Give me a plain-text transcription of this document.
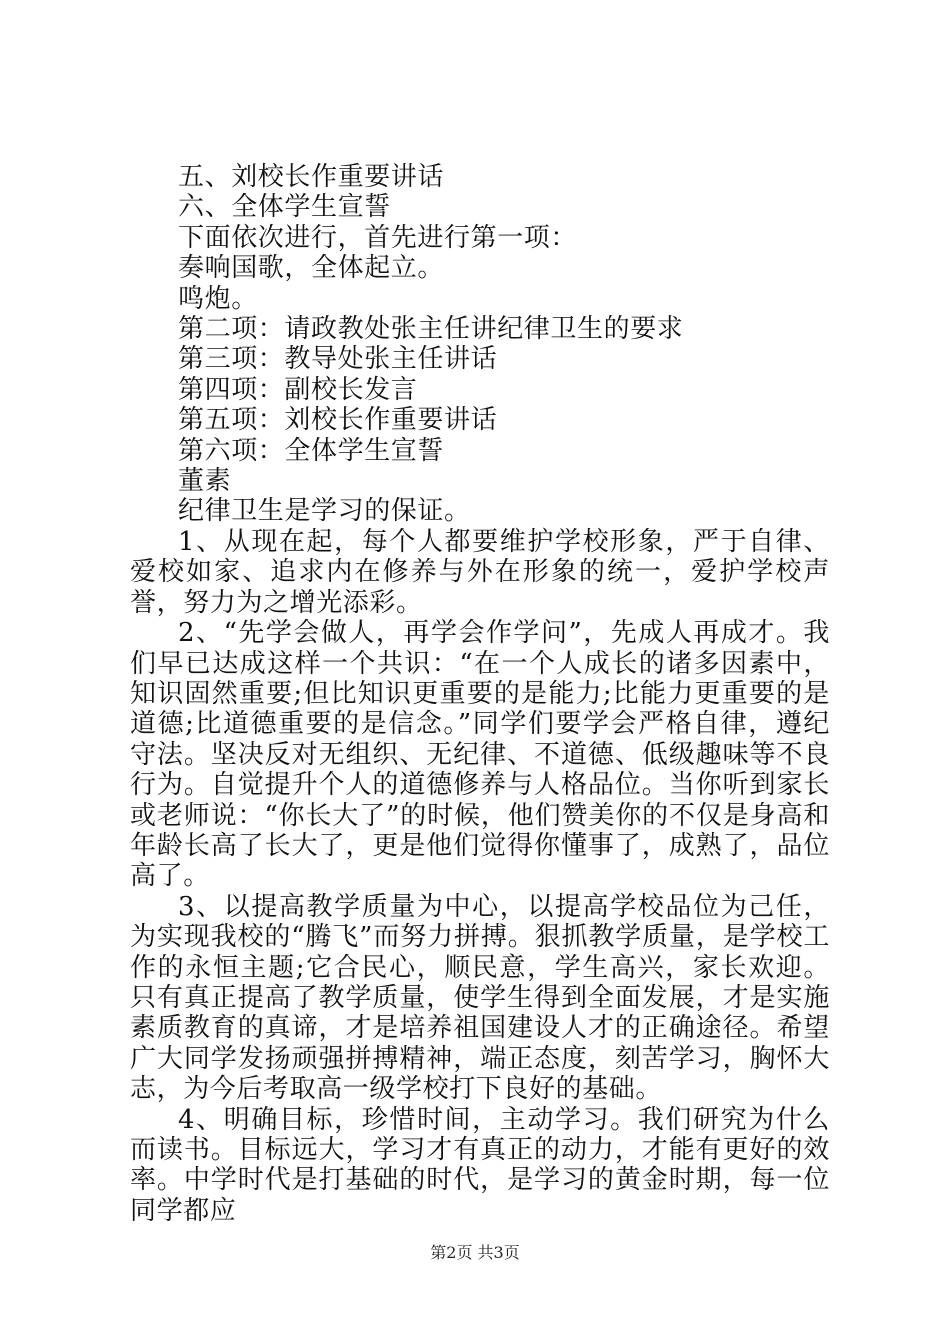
五、刘校长作重要讲话

六、全体学生宣誓

下面依次进行，首先进行第一项：

奏响国歌，全体起立。

鸣炮。

第二项：请政教处张主任讲纪律卫生的要求

第三项：教导处张主任讲话

第四项：副校长发言

第五项：刘校长作重要讲话

第六项：全体学生宣誓

董素

纪律卫生是学习的保证。

1、从现在起，每个人都要维护学校形象，严于自律、爱校如家、追求内在修养与外在形象的统一，爱护学校声誉，努力为之增光添彩。

2、“先学会做人，再学会作学问”，先成人再成才。我们早已达成这样一个共识：“在一个人成长的诸多因素中，知识固然重要;但比知识更重要的是能力;比能力更重要的是道德;比道德重要的是信念。”同学们要学会严格自律，遵纪守法。坚决反对无组织、无纪律、不道德、低级趣味等不良行为。自觉提升个人的道德修养与人格品位。当你听到家长或老师说：“你长大了”的时候，他们赞美你的不仅是身高和年龄长高了长大了，更是他们觉得你懂事了，成熟了，品位高了。

3、以提高教学质量为中心，以提高学校品位为己任，为实现我校的“腾飞”而努力拼搏。狠抓教学质量，是学校工作的永恒主题;它合民心，顺民意，学生高兴，家长欢迎。只有真正提高了教学质量，使学生得到全面发展，才是实施素质教育的真谛，才是培养祖国建设人才的正确途径。希望广大同学发扬顽强拼搏精神，端正态度，刻苦学习，胸怀大志，为今后考取高一级学校打下良好的基础。

4、明确目标，珍惜时间，主动学习。我们研究为什么而读书。目标远大，学习才有真正的动力，才能有更好的效率。中学时代是打基础的时代，是学习的黄金时期，每一位同学都应

第2页 共3页
